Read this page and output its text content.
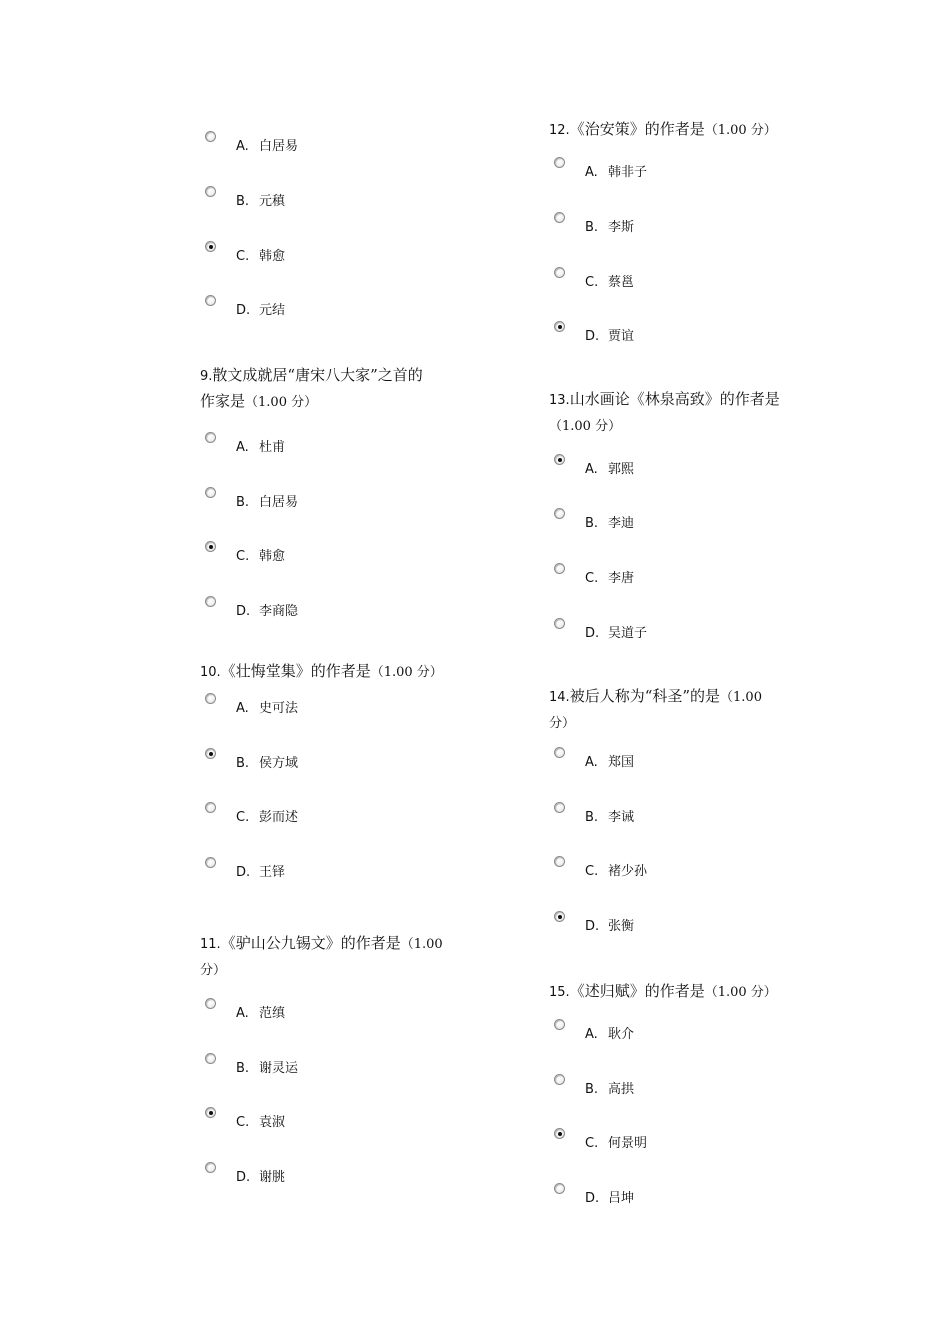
A. 白居易
B. 元稹
C. 韩愈
D. 元结
9.散文成就居“唐宋八大家”之首的
作家是（1.00 分）
A. 杜甫
B. 白居易
C. 韩愈
D. 李商隐
10.《壮悔堂集》的作者是（1.00 分）
A. 史可法
B. 侯方域
C. 彭而述
D. 王铎
11.《驴山公九锡文》的作者是（1.00
分）
A. 范缜
B. 谢灵运
C. 袁淑
D. 谢朓
12.《治安策》的作者是（1.00 分）
A. 韩非子
B. 李斯
C. 蔡邕
D. 贾谊
13.山水画论《林泉高致》的作者是
（1.00 分）
A. 郭熙
B. 李迪
C. 李唐
D. 吴道子
14.被后人称为“科圣”的是（1.00
分）
A. 郑国
B. 李诫
C. 褚少孙
D. 张衡
15.《述归赋》的作者是（1.00 分）
A. 耿介
B. 高拱
C. 何景明
D. 吕坤
